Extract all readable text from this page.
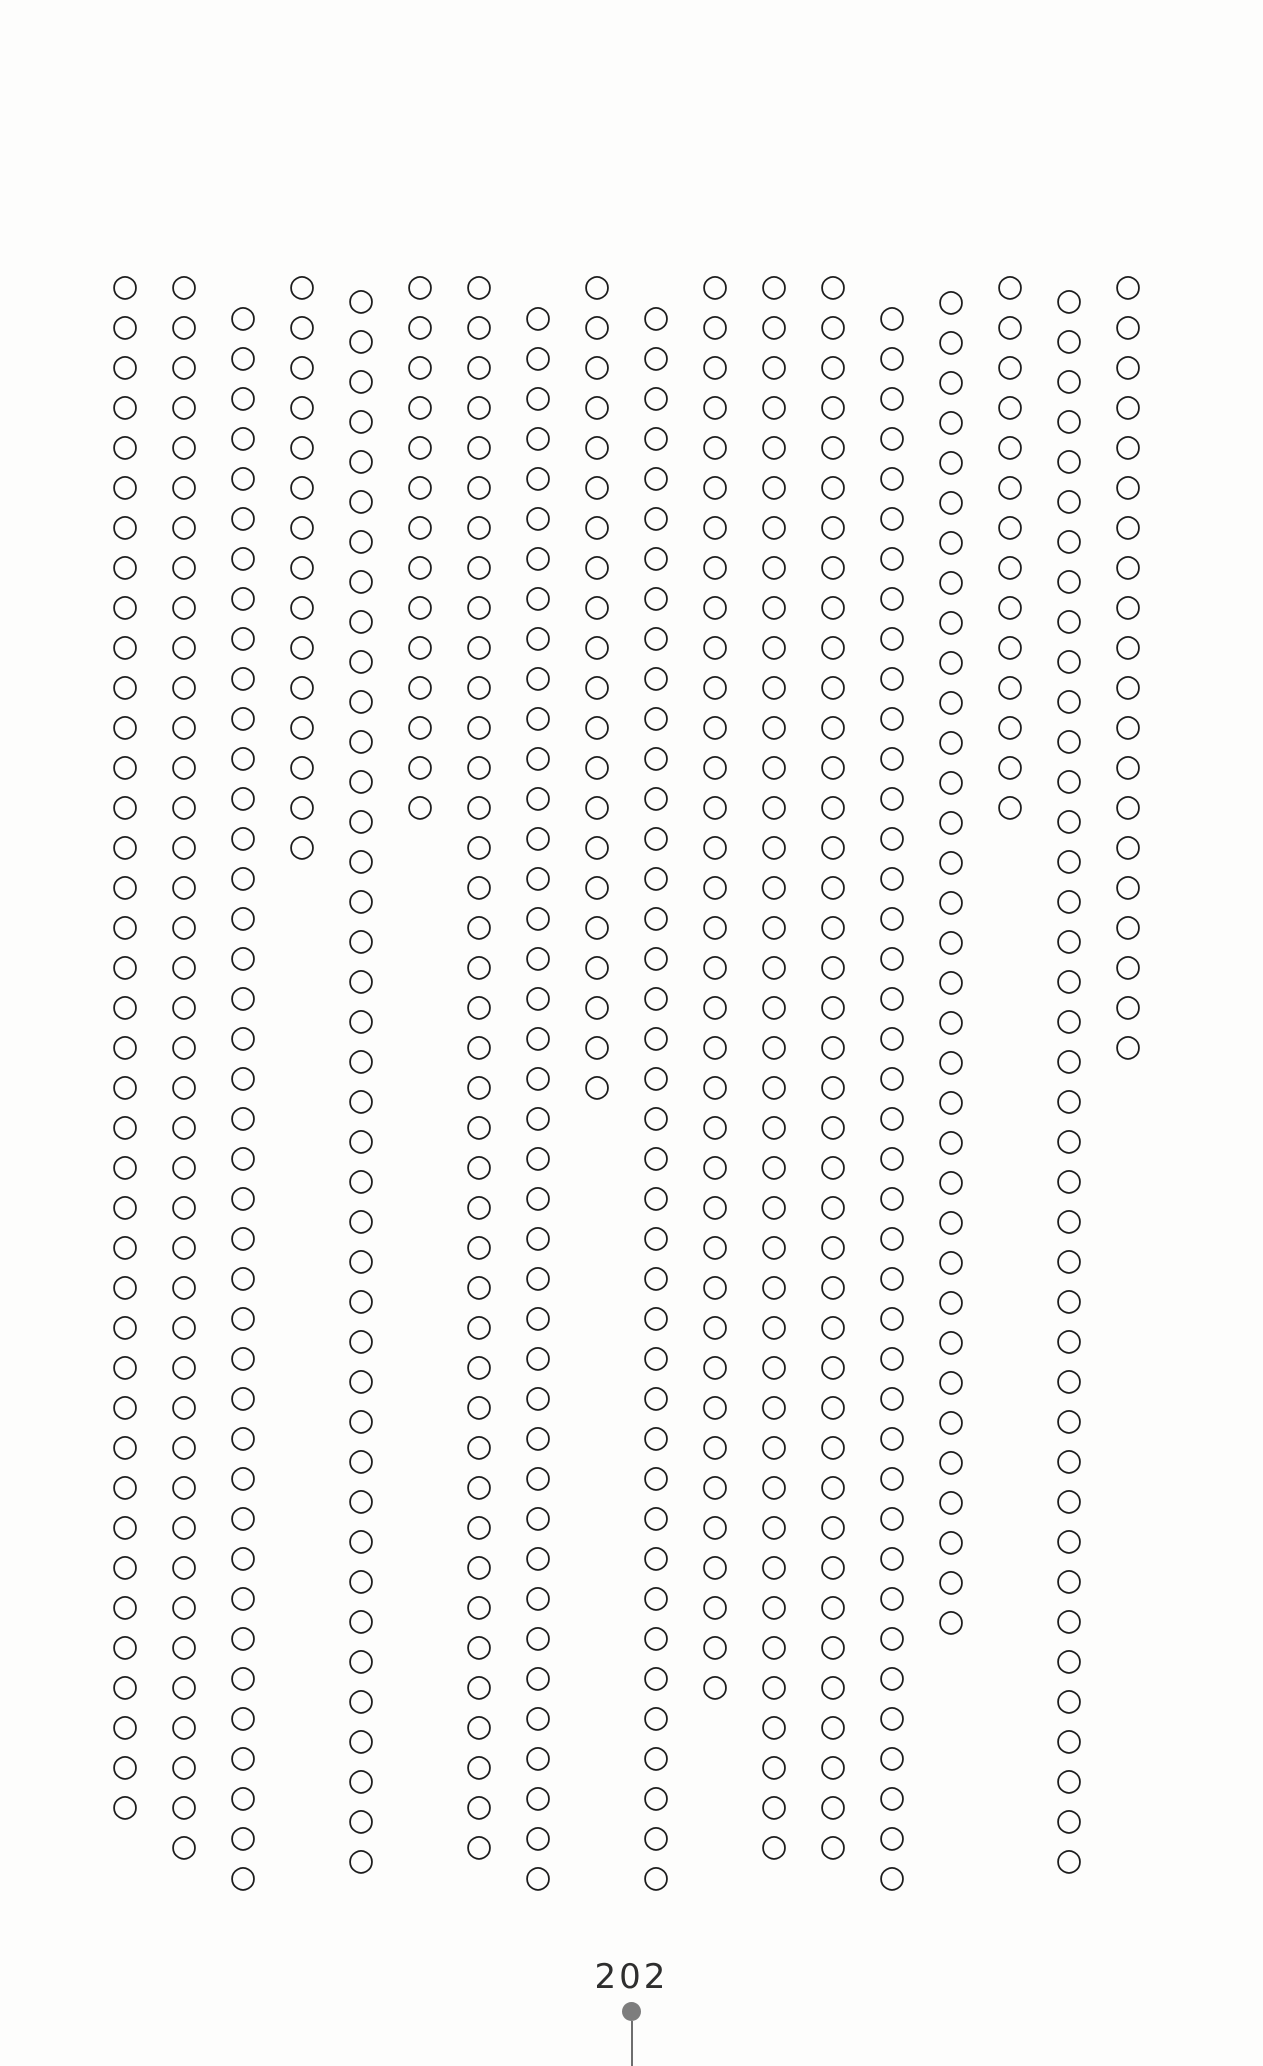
○○○○○○○○○○○○○○○○○○○○
○○○○○○○○○○○○○○○○○○○○○○○○○○○○○○○○○○○○○○○○
○○○○○○○○○○○○○○
○○○○○○○○○○○○○○○○○○○○○○○○○○○○○○○○○○
○○○○○○○○○○○○○○○○○○○○○○○○○○○○○○○○○○○○○○○○
○○○○○○○○○○○○○○○○○○○○○○○○○○○○○○○○○○○○○○○○
○○○○○○○○○○○○○○○○○○○○○○○○○○○○○○○○○○○○○○○○
○○○○○○○○○○○○○○○○○○○○○○○○○○○○○○○○○○○○
○○○○○○○○○○○○○○○○○○○○○○○○○○○○○○○○○○○○○○○○
○○○○○○○○○○○○○○○○○○○○○
○○○○○○○○○○○○○○○○○○○○○○○○○○○○○○○○○○○○○○○○
○○○○○○○○○○○○○○○○○○○○○○○○○○○○○○○○○○○○○○○○
○○○○○○○○○○○○○○
○○○○○○○○○○○○○○○○○○○○○○○○○○○○○○○○○○○○○○○○
○○○○○○○○○○○○○○○
○○○○○○○○○○○○○○○○○○○○○○○○○○○○○○○○○○○○○○○○
○○○○○○○○○○○○○○○○○○○○○○○○○○○○○○○○○○○○○○○○
○○○○○○○○○○○○○○○○○○○○○○○○○○○○○○○○○○○○○○○
202
